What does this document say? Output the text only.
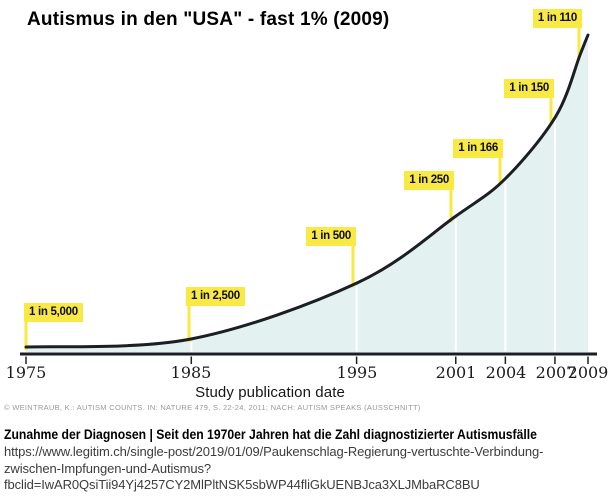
Autismus in den "USA" - fast 1% (2009)
1 in 5,000
1 in 2,500
1 in 500
1 in 250
1 in 166
1 in 150
1 in 110
1975	1985	1995	2001 2004 2007
2009
Study publication date
© WEINTRAUB, K.: AUTISM COUNTS. IN: NATURE 479, S. 22-24, 2011; NACH: AUTISM SPEAKS (AUSSCHNITT)
Zunahme der Diagnosen | Seit den 1970er Jahren hat die Zahl diagnostizierter Autismusfälle
https://www.legitim.ch/single-post/2019/01/09/Paukenschlag-Regierung-vertuschte-Verbindung-
zwischen-Impfungen-und-Autismus?
fbclid=IwAR0QsiTii94Yj4257CY2MlPltNSK5sbWP44fliGkUENBJca3XLJMbaRC8BU
